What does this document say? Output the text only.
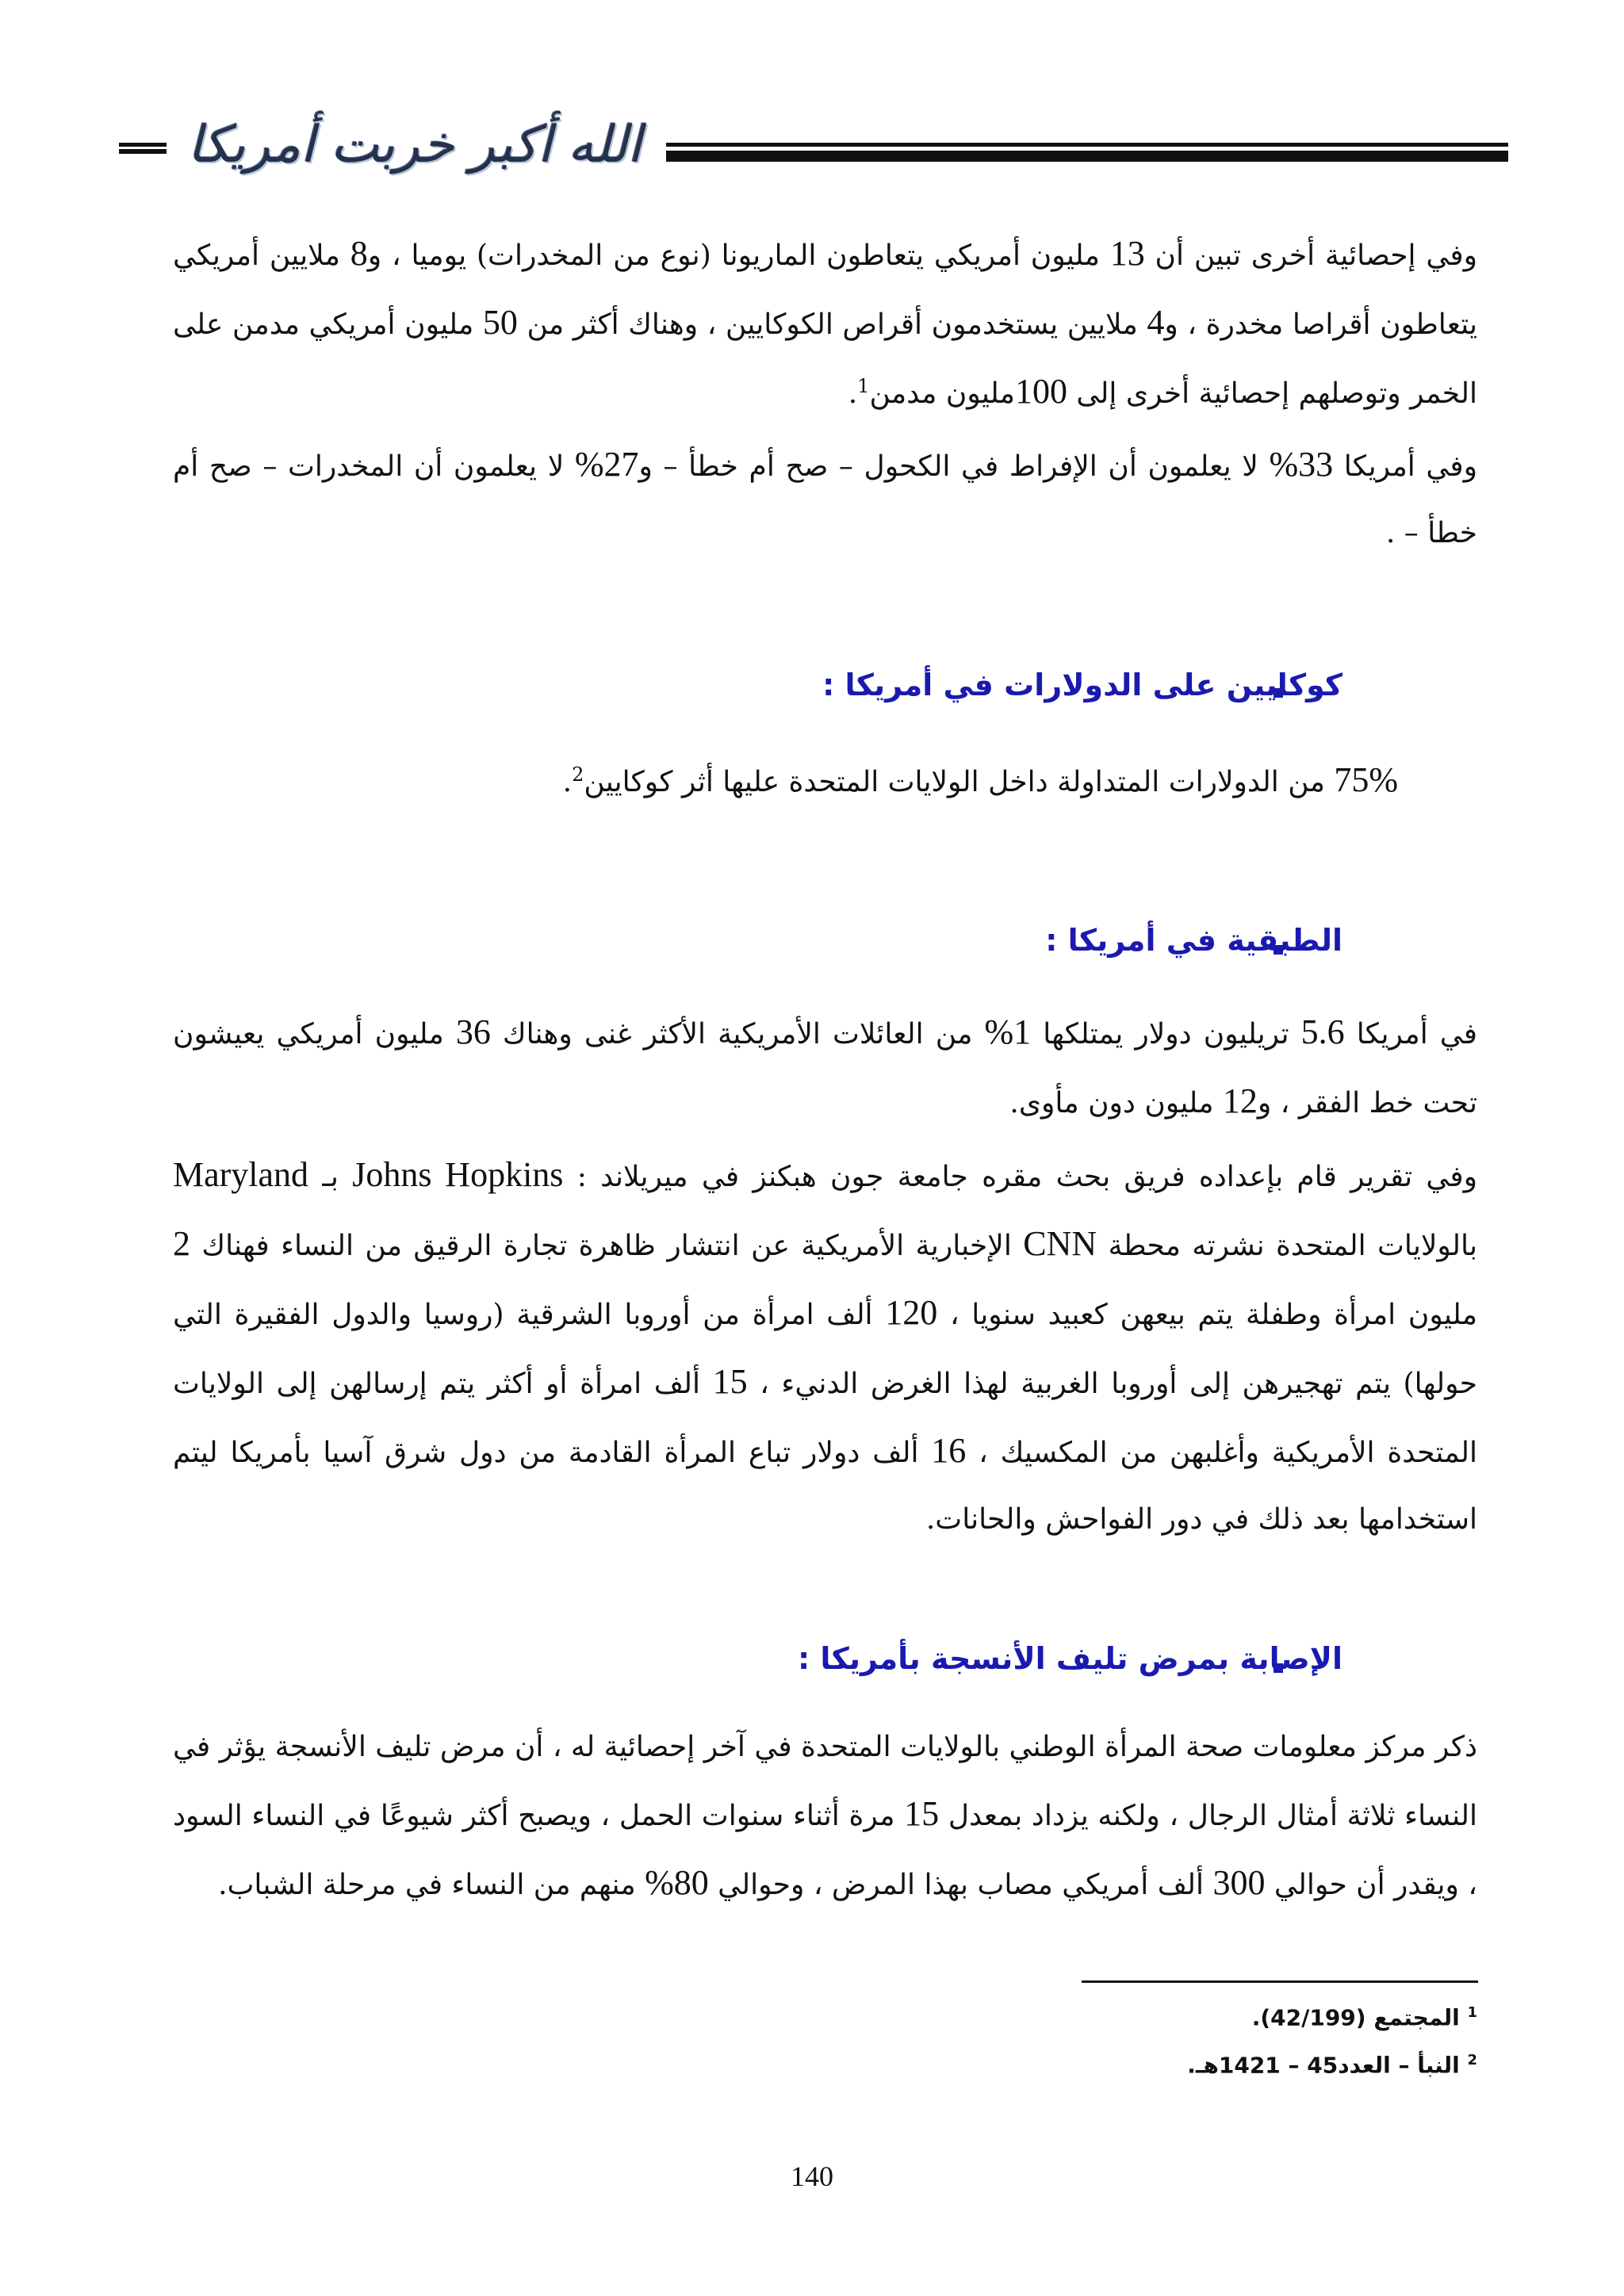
الله أكبر خربت أمريكا
وفي إحصائية أخرى تبين أن 13 مليون أمريكي يتعاطون الماريونا (نوع من المخدرات) يوميا ، و8 ملايين أمريكي يتعاطون أقراصا مخدرة ، و4 ملايين يستخدمون أقراص الكوكايين ، وهناك أكثر من 50 مليون أمريكي مدمن على الخمر وتوصلهم إحصائية أخرى إلى 100مليون مدمن$^1$.
وفي أمريكا 33% لا يعلمون أن الإفراط في الكحول – صح أم خطأ – و27% لا يعلمون أن المخدرات – صح أم خطأ – .
كوكايين على الدولارات في أمريكا :
75% من الدولارات المتداولة داخل الولايات المتحدة عليها أثر كوكايين$^2$.
الطبقية في أمريكا :
في أمريكا 5.6 تريليون دولار يمتلكها 1% من العائلات الأمريكية الأكثر غنى وهناك 36 مليون أمريكي يعيشون تحت خط الفقر ، و12 مليون دون مأوى.
وفي تقرير قام بإعداده فريق بحث مقره جامعة جون هبكنز في ميريلاند : Johns Hopkins بـ Maryland بالولايات المتحدة نشرته محطة CNN الإخبارية الأمريكية عن انتشار ظاهرة تجارة الرقيق من النساء فهناك 2 مليون امرأة وطفلة يتم بيعهن كعبيد سنويا ، 120 ألف امرأة من أوروبا الشرقية (روسيا والدول الفقيرة التي حولها) يتم تهجيرهن إلى أوروبا الغربية لهذا الغرض الدنيء ، 15 ألف امرأة أو أكثر يتم إرسالهن إلى الولايات المتحدة الأمريكية وأغلبهن من المكسيك ، 16 ألف دولار تباع المرأة القادمة من دول شرق آسيا بأمريكا ليتم استخدامها بعد ذلك في دور الفواحش والحانات.
الإصابة بمرض تليف الأنسجة بأمريكا :
ذكر مركز معلومات صحة المرأة الوطني بالولايات المتحدة في آخر إحصائية له ، أن مرض تليف الأنسجة يؤثر في النساء ثلاثة أمثال الرجال ، ولكنه يزداد بمعدل 15 مرة أثناء سنوات الحمل ، ويصبح أكثر شيوعًا في النساء السود ، ويقدر أن حوالي 300 ألف أمريكي مصاب بهذا المرض ، وحوالي 80% منهم من النساء في مرحلة الشباب.
$^1$ المجتمع (42/199).
$^2$ النبأ – العدد45 – 1421هـ.
140
